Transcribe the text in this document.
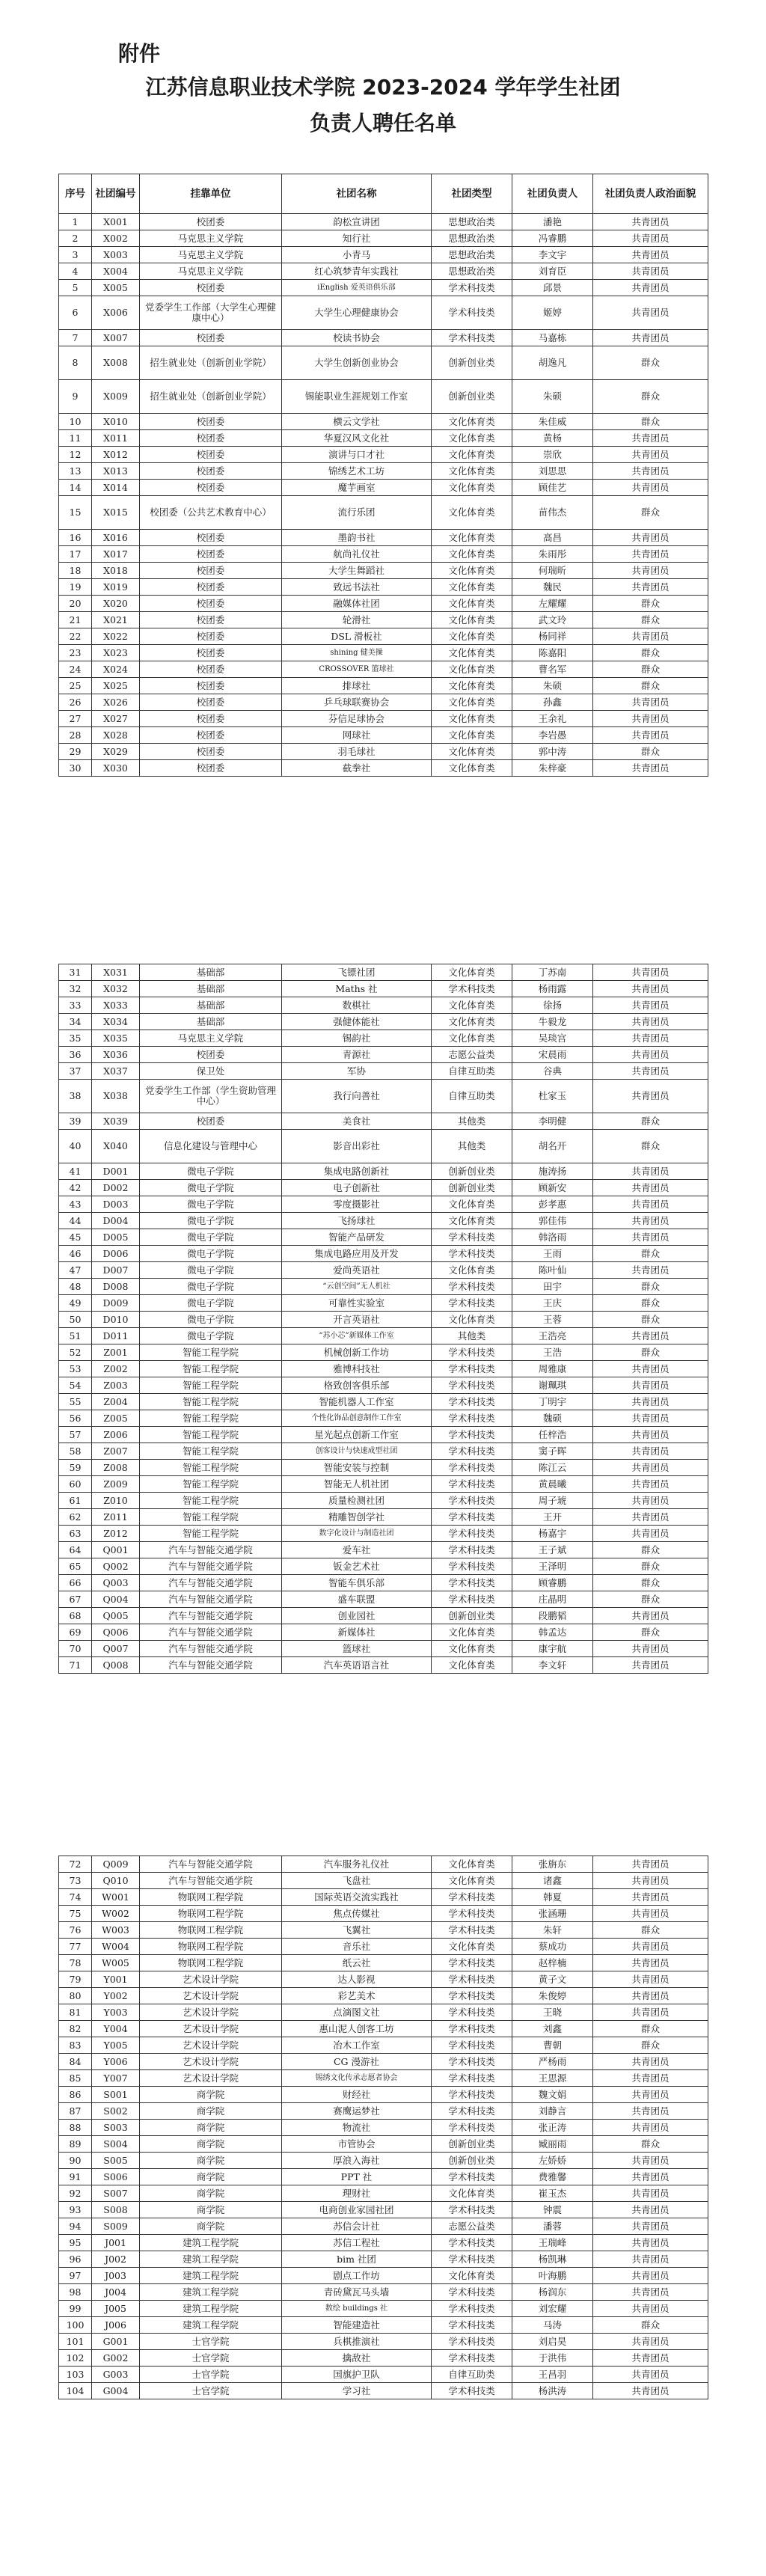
附件
江苏信息职业技术学院 2023-2024 学年学生社团
负责人聘任名单
序号	社团编号	挂靠单位	社团名称	社团类型	社团负责人	社团负责人政治面貌
1	X001	校团委	韵松宣讲团	思想政治类	潘艳	共青团员
2	X002	马克思主义学院	知行社	思想政治类	冯睿鹏	共青团员
3	X003	马克思主义学院	小青马	思想政治类	李文宇	共青团员
4	X004	马克思主义学院	红心筑梦青年实践社	思想政治类	刘育臣	共青团员
5	X005	校团委	iEnglish 爱英语俱乐部	学术科技类	邱景	共青团员
6	X006	党委学生工作部（大学生心理健康中心）	大学生心理健康协会	学术科技类	姬婷	共青团员
7	X007	校团委	校读书协会	学术科技类	马嘉栋	共青团员
8	X008	招生就业处（创新创业学院）	大学生创新创业协会	创新创业类	胡逸凡	群众
9	X009	招生就业处（创新创业学院）	锡能职业生涯规划工作室	创新创业类	朱硕	群众
10	X010	校团委	横云文学社	文化体育类	朱佳威	群众
11	X011	校团委	华夏汉风文化社	文化体育类	黄杨	共青团员
12	X012	校团委	演讲与口才社	文化体育类	崇欣	共青团员
13	X013	校团委	锦绣艺术工坊	文化体育类	刘思思	共青团员
14	X014	校团委	魔芋画室	文化体育类	顾佳艺	共青团员
15	X015	校团委（公共艺术教育中心）	流行乐团	文化体育类	苗伟杰	群众
16	X016	校团委	墨韵书社	文化体育类	高昌	共青团员
17	X017	校团委	航尚礼仪社	文化体育类	朱雨彤	共青团员
18	X018	校团委	大学生舞蹈社	文化体育类	何瑞昕	共青团员
19	X019	校团委	致远书法社	文化体育类	魏民	共青团员
20	X020	校团委	融媒体社团	文化体育类	左耀耀	群众
21	X021	校团委	轮滑社	文化体育类	武文玲	群众
22	X022	校团委	DSL 滑板社	文化体育类	杨同祥	共青团员
23	X023	校团委	shining 健美操	文化体育类	陈嘉阳	群众
24	X024	校团委	CROSSOVER 篮球社	文化体育类	曹名军	群众
25	X025	校团委	排球社	文化体育类	朱硕	群众
26	X026	校团委	乒乓球联赛协会	文化体育类	孙鑫	共青团员
27	X027	校团委	芬信足球协会	文化体育类	王余礼	共青团员
28	X028	校团委	网球社	文化体育类	李岩愚	共青团员
29	X029	校团委	羽毛球社	文化体育类	郭中涛	群众
30	X030	校团委	截拳社	文化体育类	朱梓豪	共青团员
31	X031	基础部	飞镖社团	文化体育类	丁苏南	共青团员
32	X032	基础部	Maths 社	学术科技类	杨雨露	共青团员
33	X033	基础部	数棋社	文化体育类	徐扬	共青团员
34	X034	基础部	强健体能社	文化体育类	牛毅龙	共青团员
35	X035	马克思主义学院	锡韵社	文化体育类	吴琰宫	共青团员
36	X036	校团委	青源社	志愿公益类	宋晨雨	共青团员
37	X037	保卫处	军协	自律互助类	谷典	共青团员
38	X038	党委学生工作部（学生资助管理中心）	我行向善社	自律互助类	杜家玉	共青团员
39	X039	校团委	美食社	其他类	李明健	群众
40	X040	信息化建设与管理中心	影音出彩社	其他类	胡名开	群众
41	D001	微电子学院	集成电路创新社	创新创业类	施涛扬	共青团员
42	D002	微电子学院	电子创新社	创新创业类	顾新安	共青团员
43	D003	微电子学院	零度摄影社	文化体育类	彭孝惠	共青团员
44	D004	微电子学院	飞扬球社	文化体育类	郭佳伟	共青团员
45	D005	微电子学院	智能产品研发	学术科技类	韩洛雨	共青团员
46	D006	微电子学院	集成电路应用及开发	学术科技类	王雨	群众
47	D007	微电子学院	爱尚英语社	文化体育类	陈叶仙	共青团员
48	D008	微电子学院	“云创空间”无人机社	学术科技类	田宇	群众
49	D009	微电子学院	可靠性实验室	学术科技类	王庆	群众
50	D010	微电子学院	开言英语社	文化体育类	王蓉	群众
51	D011	微电子学院	“苏小芯”新媒体工作室	其他类	王浩亮	共青团员
52	Z001	智能工程学院	机械创新工作坊	学术科技类	王浩	群众
53	Z002	智能工程学院	雅博科技社	学术科技类	周雅康	共青团员
54	Z003	智能工程学院	格致创客俱乐部	学术科技类	谢珮琪	共青团员
55	Z004	智能工程学院	智能机器人工作室	学术科技类	丁明宇	共青团员
56	Z005	智能工程学院	个性化饰品创意制作工作室	学术科技类	魏硕	共青团员
57	Z006	智能工程学院	星光起点创新工作室	学术科技类	任梓浩	共青团员
58	Z007	智能工程学院	创客设计与快速成型社团	学术科技类	窦子晖	共青团员
59	Z008	智能工程学院	智能安装与控制	学术科技类	陈江云	共青团员
60	Z009	智能工程学院	智能无人机社团	学术科技类	黄晨曦	共青团员
61	Z010	智能工程学院	质量检测社团	学术科技类	周子琥	共青团员
62	Z011	智能工程学院	精雕智创学社	学术科技类	王开	共青团员
63	Z012	智能工程学院	数字化设计与制造社团	学术科技类	杨嘉宇	共青团员
64	Q001	汽车与智能交通学院	爱车社	学术科技类	王子斌	群众
65	Q002	汽车与智能交通学院	钣金艺术社	学术科技类	王泽明	群众
66	Q003	汽车与智能交通学院	智能车俱乐部	学术科技类	顾睿鹏	群众
67	Q004	汽车与智能交通学院	盛车联盟	学术科技类	庄晶明	群众
68	Q005	汽车与智能交通学院	创业园社	创新创业类	段鹏韬	共青团员
69	Q006	汽车与智能交通学院	新媒体社	文化体育类	韩孟达	群众
70	Q007	汽车与智能交通学院	篮球社	文化体育类	康宇航	共青团员
71	Q008	汽车与智能交通学院	汽车英语语言社	文化体育类	李文轩	共青团员
72	Q009	汽车与智能交通学院	汽车服务礼仪社	文化体育类	张旃东	共青团员
73	Q010	汽车与智能交通学院	飞盘社	文化体育类	诸鑫	共青团员
74	W001	物联网工程学院	国际英语交流实践社	学术科技类	韩夏	共青团员
75	W002	物联网工程学院	焦点传媒社	学术科技类	张涵珊	共青团员
76	W003	物联网工程学院	飞翼社	学术科技类	朱轩	群众
77	W004	物联网工程学院	音乐社	文化体育类	蔡成功	共青团员
78	W005	物联网工程学院	纸云社	学术科技类	赵梓楠	共青团员
79	Y001	艺术设计学院	达人影视	学术科技类	黄子文	共青团员
80	Y002	艺术设计学院	彩艺美术	学术科技类	朱俊婷	共青团员
81	Y003	艺术设计学院	点滴图文社	学术科技类	王晓	共青团员
82	Y004	艺术设计学院	惠山泥人创客工坊	学术科技类	刘鑫	群众
83	Y005	艺术设计学院	冶木工作室	学术科技类	曹朝	群众
84	Y006	艺术设计学院	CG 漫游社	学术科技类	严杨雨	共青团员
85	Y007	艺术设计学院	锡绣文化传承志愿者协会	学术科技类	王思源	共青团员
86	S001	商学院	财经社	学术科技类	魏文娟	共青团员
87	S002	商学院	赛鹰运梦社	学术科技类	刘静言	共青团员
88	S003	商学院	物流社	学术科技类	张正涛	共青团员
89	S004	商学院	市管协会	创新创业类	臧丽雨	群众
90	S005	商学院	厚浪入海社	创新创业类	左娇娇	共青团员
91	S006	商学院	PPT 社	学术科技类	费雅馨	共青团员
92	S007	商学院	理财社	文化体育类	崔玉杰	共青团员
93	S008	商学院	电商创业家园社团	学术科技类	钟震	共青团员
94	S009	商学院	苏信会计社	志愿公益类	潘蓉	共青团员
95	J001	建筑工程学院	苏信工程社	学术科技类	王瑞峰	共青团员
96	J002	建筑工程学院	bim 社团	学术科技类	杨凯琳	共青团员
97	J003	建筑工程学院	剧点工作坊	文化体育类	叶海鹏	共青团员
98	J004	建筑工程学院	青砖黛瓦马头墙	学术科技类	杨润东	共青团员
99	J005	建筑工程学院	数绘 buildings 社	学术科技类	刘宏耀	共青团员
100	J006	建筑工程学院	智能建造社	学术科技类	马涛	群众
101	G001	士官学院	兵棋推演社	学术科技类	刘启昊	共青团员
102	G002	士官学院	擒敌社	学术科技类	于洪伟	共青团员
103	G003	士官学院	国旗护卫队	自律互助类	王昌羽	共青团员
104	G004	士官学院	学习社	学术科技类	杨洪涛	共青团员
